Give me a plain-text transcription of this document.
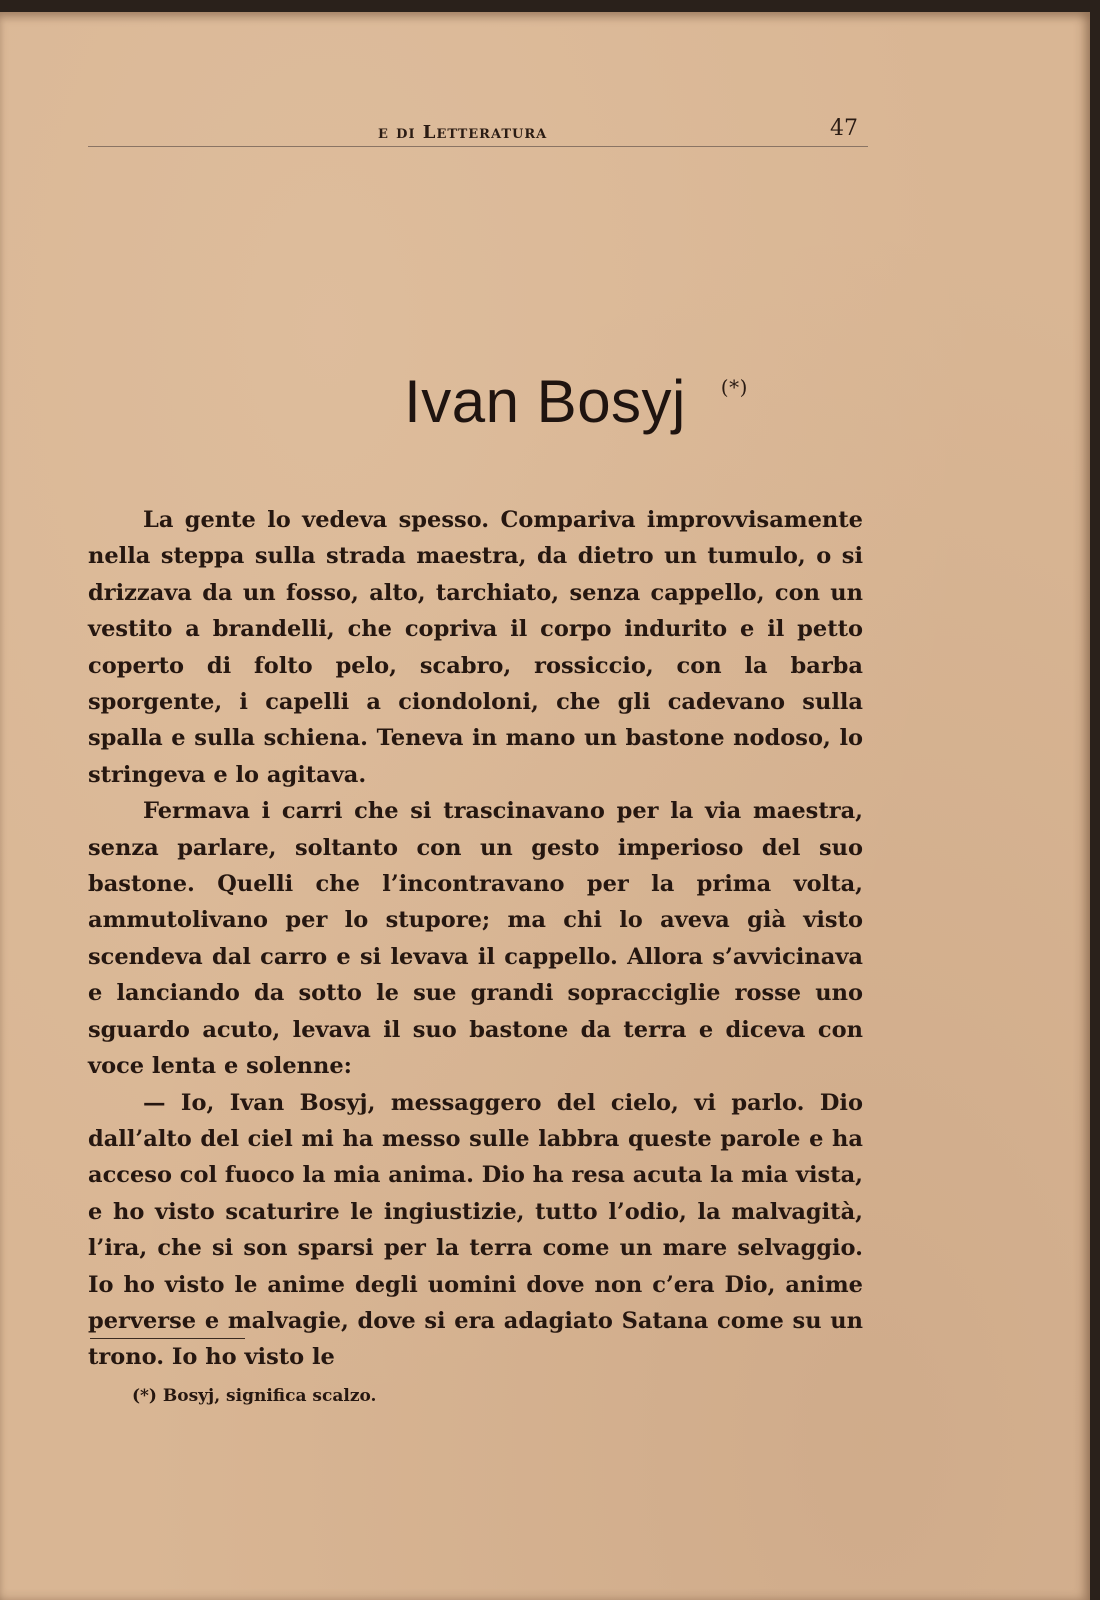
e di Letteratura	47
Ivan Bosyj (*)

La gente lo vedeva spesso. Compariva improvvisamente nella steppa sulla strada maestra, da dietro un tumulo, o si drizzava da un fosso, alto, tarchiato, senza cappello, con un vestito a brandelli, che copriva il corpo indurito e il petto coperto di folto pelo, scabro, rossiccio, con la barba sporgente, i capelli a ciondoloni, che gli cadevano sulla spalla e sulla schiena. Teneva in mano un bastone nodoso, lo stringeva e lo agitava.

Fermava i carri che si trascinavano per la via maestra, senza parlare, soltanto con un gesto imperioso del suo bastone. Quelli che l’incontravano per la prima volta, ammutolivano per lo stupore; ma chi lo aveva già visto scendeva dal carro e si levava il cappello. Allora s’avvicinava e lanciando da sotto le sue grandi sopracciglie rosse uno sguardo acuto, levava il suo bastone da terra e diceva con voce lenta e solenne:

— Io, Ivan Bosyj, messaggero del cielo, vi parlo. Dio dall’alto del ciel mi ha messo sulle labbra queste parole e ha acceso col fuoco la mia anima. Dio ha resa acuta la mia vista, e ho visto scaturire le ingiustizie, tutto l’odio, la malvagità, l’ira, che si son sparsi per la terra come un mare selvaggio. Io ho visto le anime degli uomini dove non c’era Dio, anime perverse e malvagie, dove si era adagiato Satana come su un trono. Io ho visto le

(*) Bosyj, significa scalzo.
